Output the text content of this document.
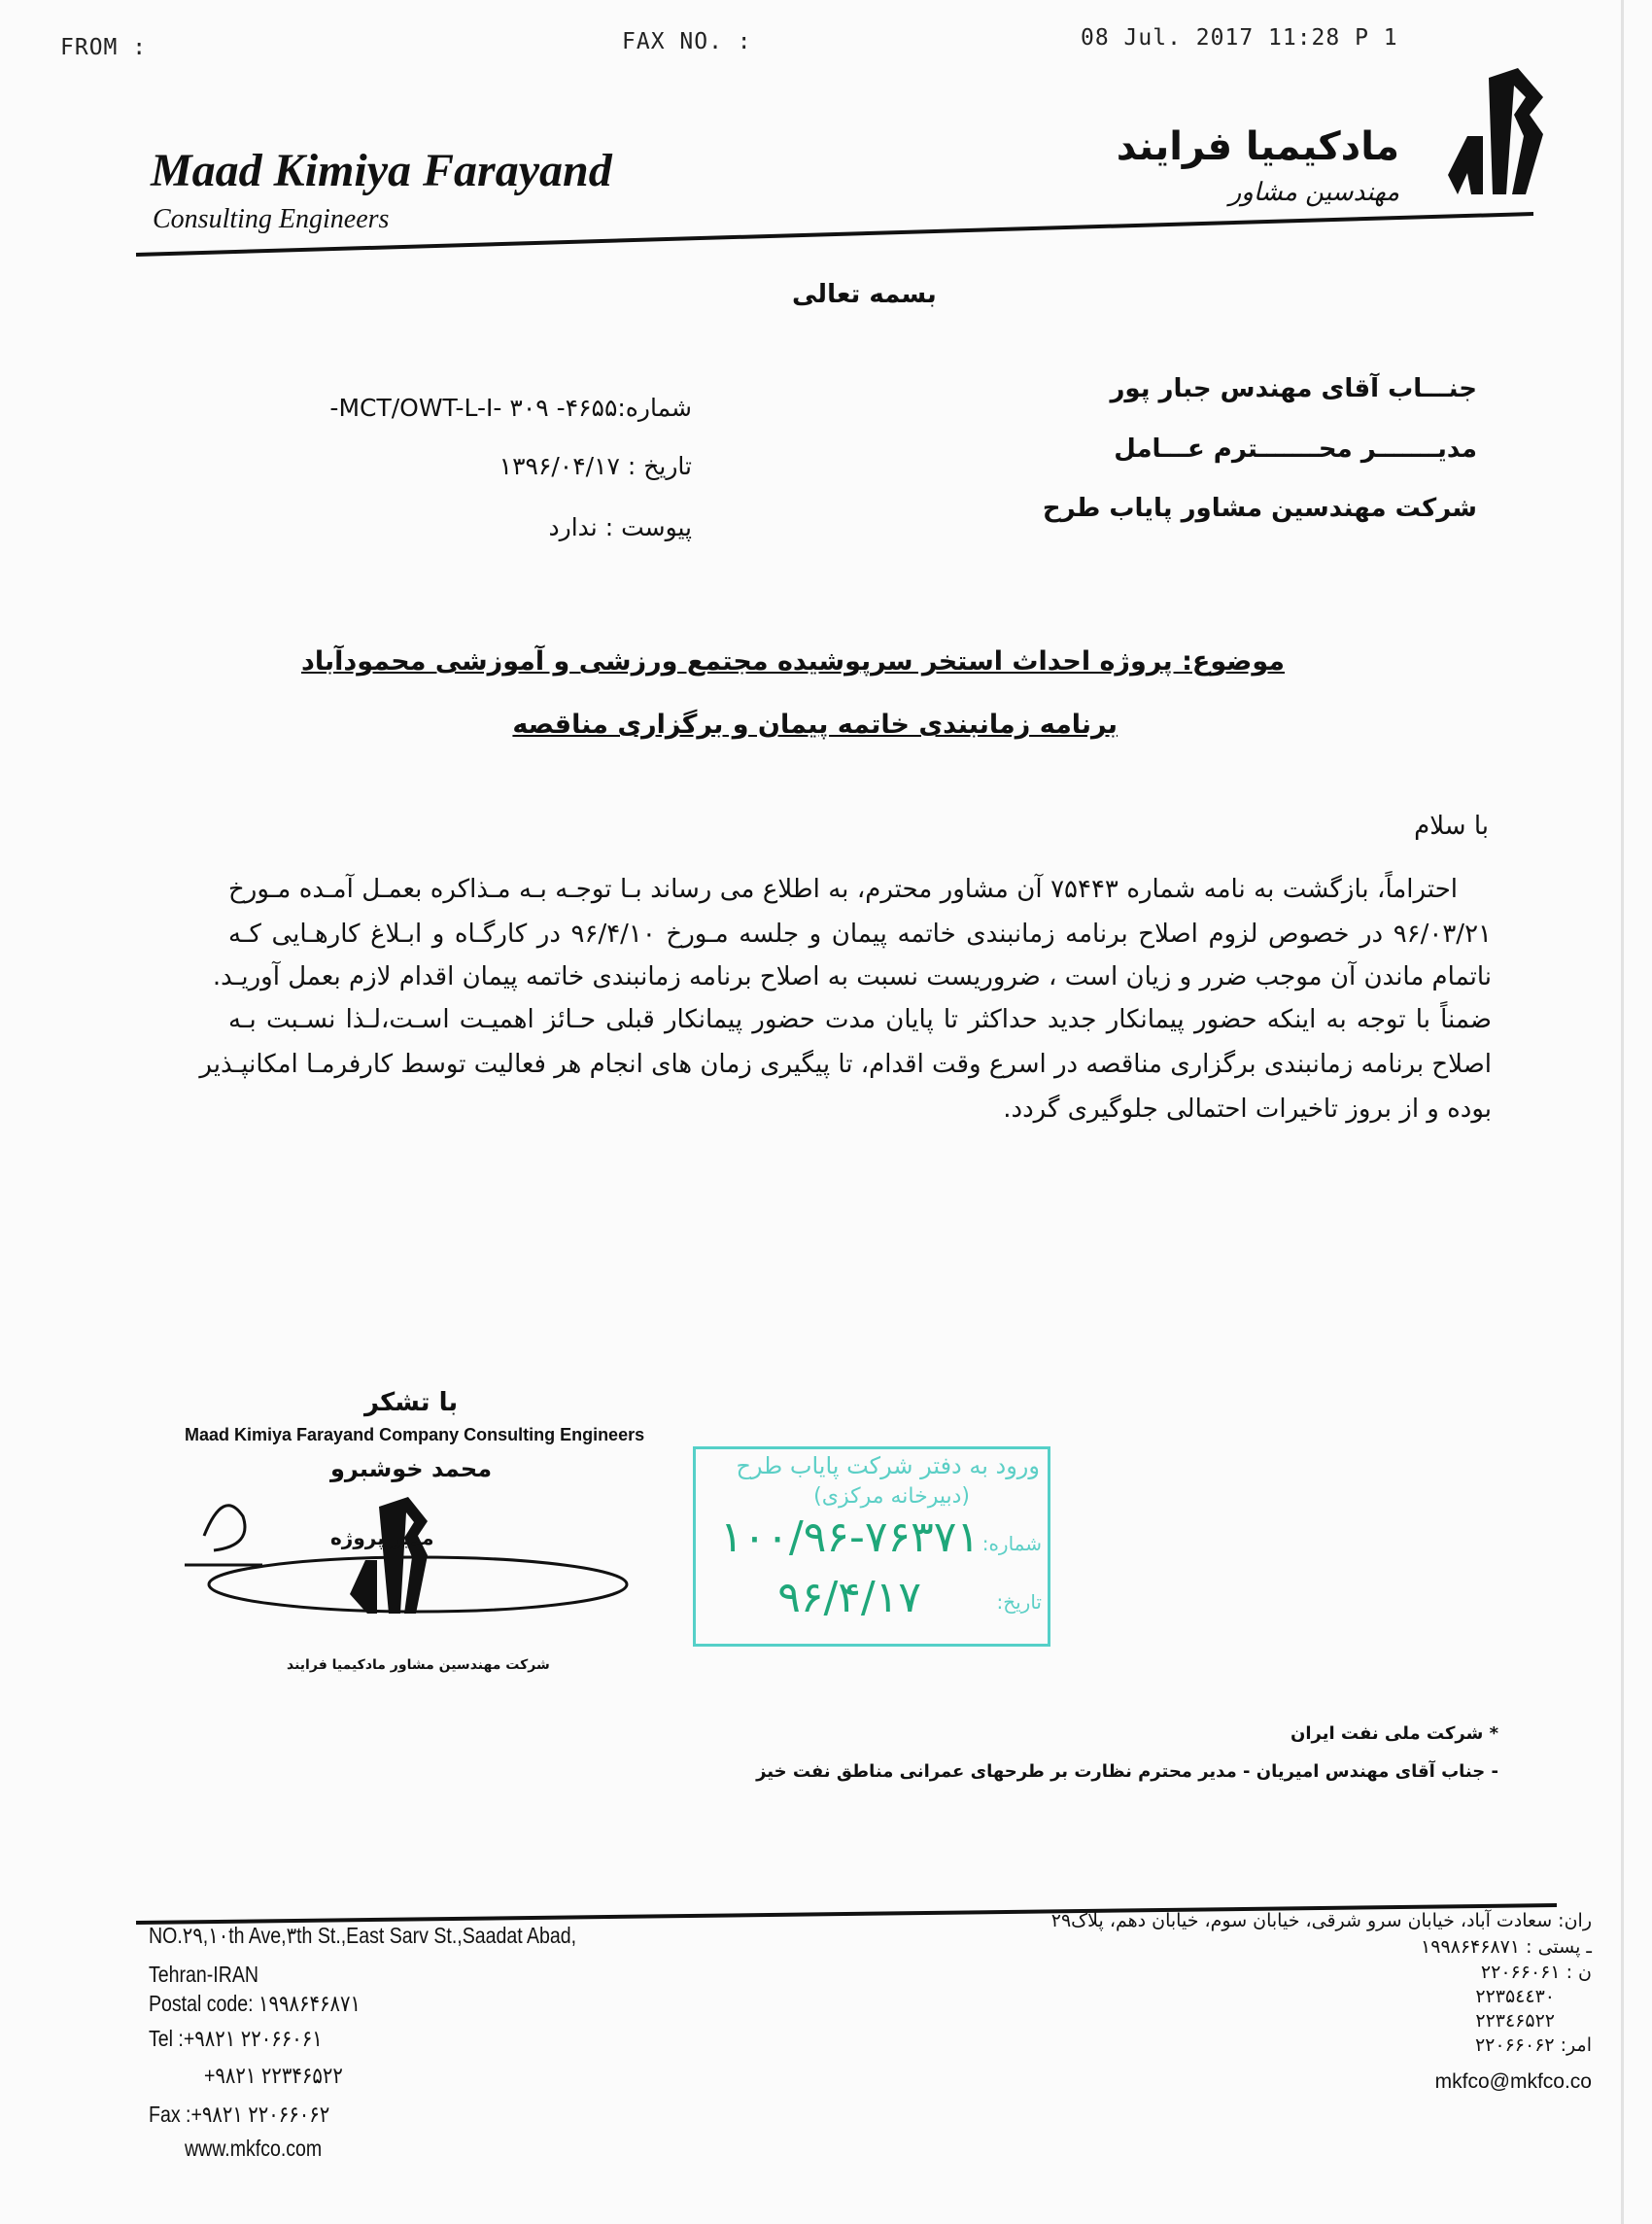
FROM :	FAX NO. :	08 Jul. 2017 11:28 P 1
Maad Kimiya Farayand
Consulting Engineers
مادکیمیا فرایند
مهندسین مشاور
بسمه تعالی
جنـــاب آقای مهندس جبار پور
مدیـــــــر محـــــــترم عـــامل
شرکت مهندسین مشاور پایاب طرح
شماره:۴۶۵۵- MCT/OWT-L-I- ۳۰۹-
تاریخ : ۱۳۹۶/۰۴/۱۷
پیوست : ندارد
موضوع: پروژه احداث استخر سرپوشیده مجتمع ورزشی و آموزشی محمودآباد
برنامه زمانبندی خاتمه پیمان و برگزاری مناقصه
با سلام
احتراماً، بازگشت به نامه شماره ۷۵۴۴۳ آن مشاور محترم، به اطلاع می رساند بـا توجـه بـه مـذاکره بعمـل آمـده مـورخ
۹۶/۰۳/۲۱ در خصوص لزوم اصلاح برنامه زمانبندی خاتمه پیمان و جلسه مـورخ ۹۶/۴/۱۰ در کارگـاه و ابـلاغ کارهـایی کـه
ناتمام ماندن آن موجب ضرر و زیان است ، ضروریست نسبت به اصلاح برنامه زمانبندی خاتمه پیمان اقدام لازم بعمل آوریـد.
ضمناً با توجه به اینکه حضور پیمانکار جدید حداکثر تا پایان مدت حضور پیمانکار قبلی حـائز اهمیـت اسـت،لـذا نسـبت بـه
اصلاح برنامه زمانبندی برگزاری مناقصه در اسرع وقت اقدام، تا پیگیری زمان های انجام هر فعالیت توسط کارفرمـا امکانپـذیر
بوده و از بروز تاخیرات احتمالی جلوگیری گردد.
با تشکر
Maad Kimiya Farayand Company Consulting Engineers
محمد خوشبرو
مدیر پروژه
شرکت مهندسین مشاور مادکیمیا فرایند
ورود به دفتر شرکت پایاب طرح
(دبیرخانه مرکزی)
شماره:
۱۰۰/۹۶-۷۶۳۷۱
تاریخ:
۹۶/۴/۱۷
* شرکت ملی نفت ایران
- جناب آقای مهندس امیریان - مدیر محترم نظارت بر طرحهای عمرانی مناطق نفت خیز
NO.۲۹,۱۰th Ave,۳th St.,East Sarv St.,Saadat Abad,
Tehran-IRAN
Postal code: ۱۹۹۸۶۴۶۸۷۱
Tel :+۹۸۲۱ ۲۲۰۶۶۰۶۱
+۹۸۲۱ ۲۲۳۴۶۵۲۲
Fax :+۹۸۲۱ ۲۲۰۶۶۰۶۲
www.mkfco.com
ران: سعادت آباد، خیابان سرو شرقی، خیابان سوم، خیابان دهم، پلاک۲۹
ـ پستی : ۱۹۹۸۶۴۶۸۷۱
ن : ۲۲۰۶۶۰۶۱
۲۲۳۵٤٤۳۰
۲۲۳٤۶۵۲۲
امر: ۲۲۰۶۶۰۶۲
mkfco@mkfco.co
